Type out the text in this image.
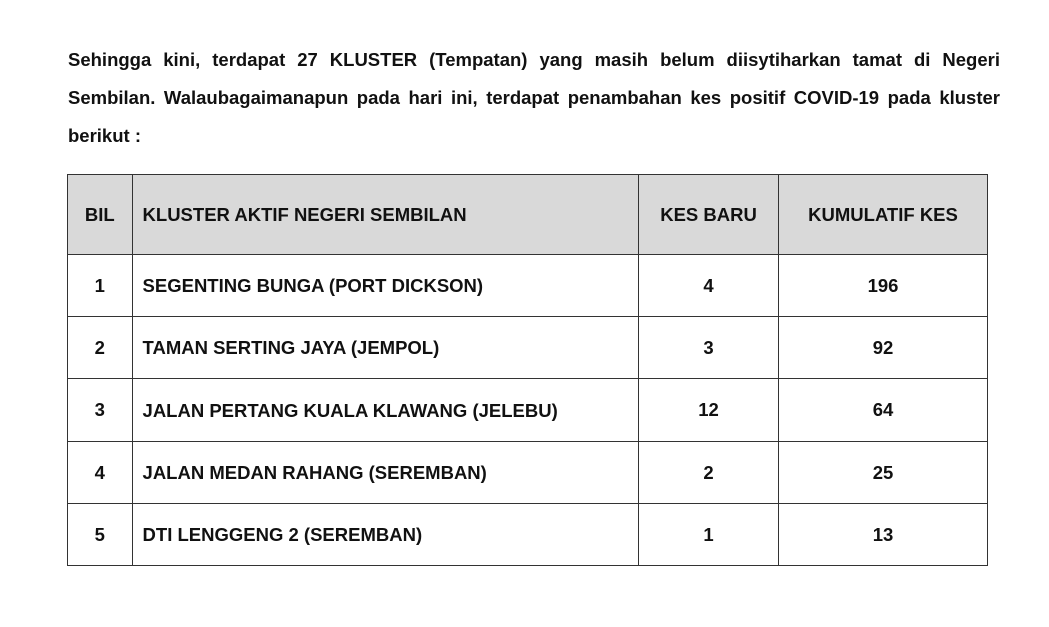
Sehingga kini, terdapat 27 KLUSTER (Tempatan) yang masih belum diisytiharkan tamat di Negeri Sembilan. Walaubagaimanapun pada hari ini, terdapat penambahan kes positif COVID-19 pada kluster berikut :

BIL	KLUSTER AKTIF NEGERI SEMBILAN	KES BARU	KUMULATIF KES
1	SEGENTING BUNGA (PORT DICKSON)	4	196
2	TAMAN SERTING JAYA (JEMPOL)	3	92
3	JALAN PERTANG KUALA KLAWANG (JELEBU)	12	64
4	JALAN MEDAN RAHANG (SEREMBAN)	2	25
5	DTI LENGGENG 2 (SEREMBAN)	1	13
